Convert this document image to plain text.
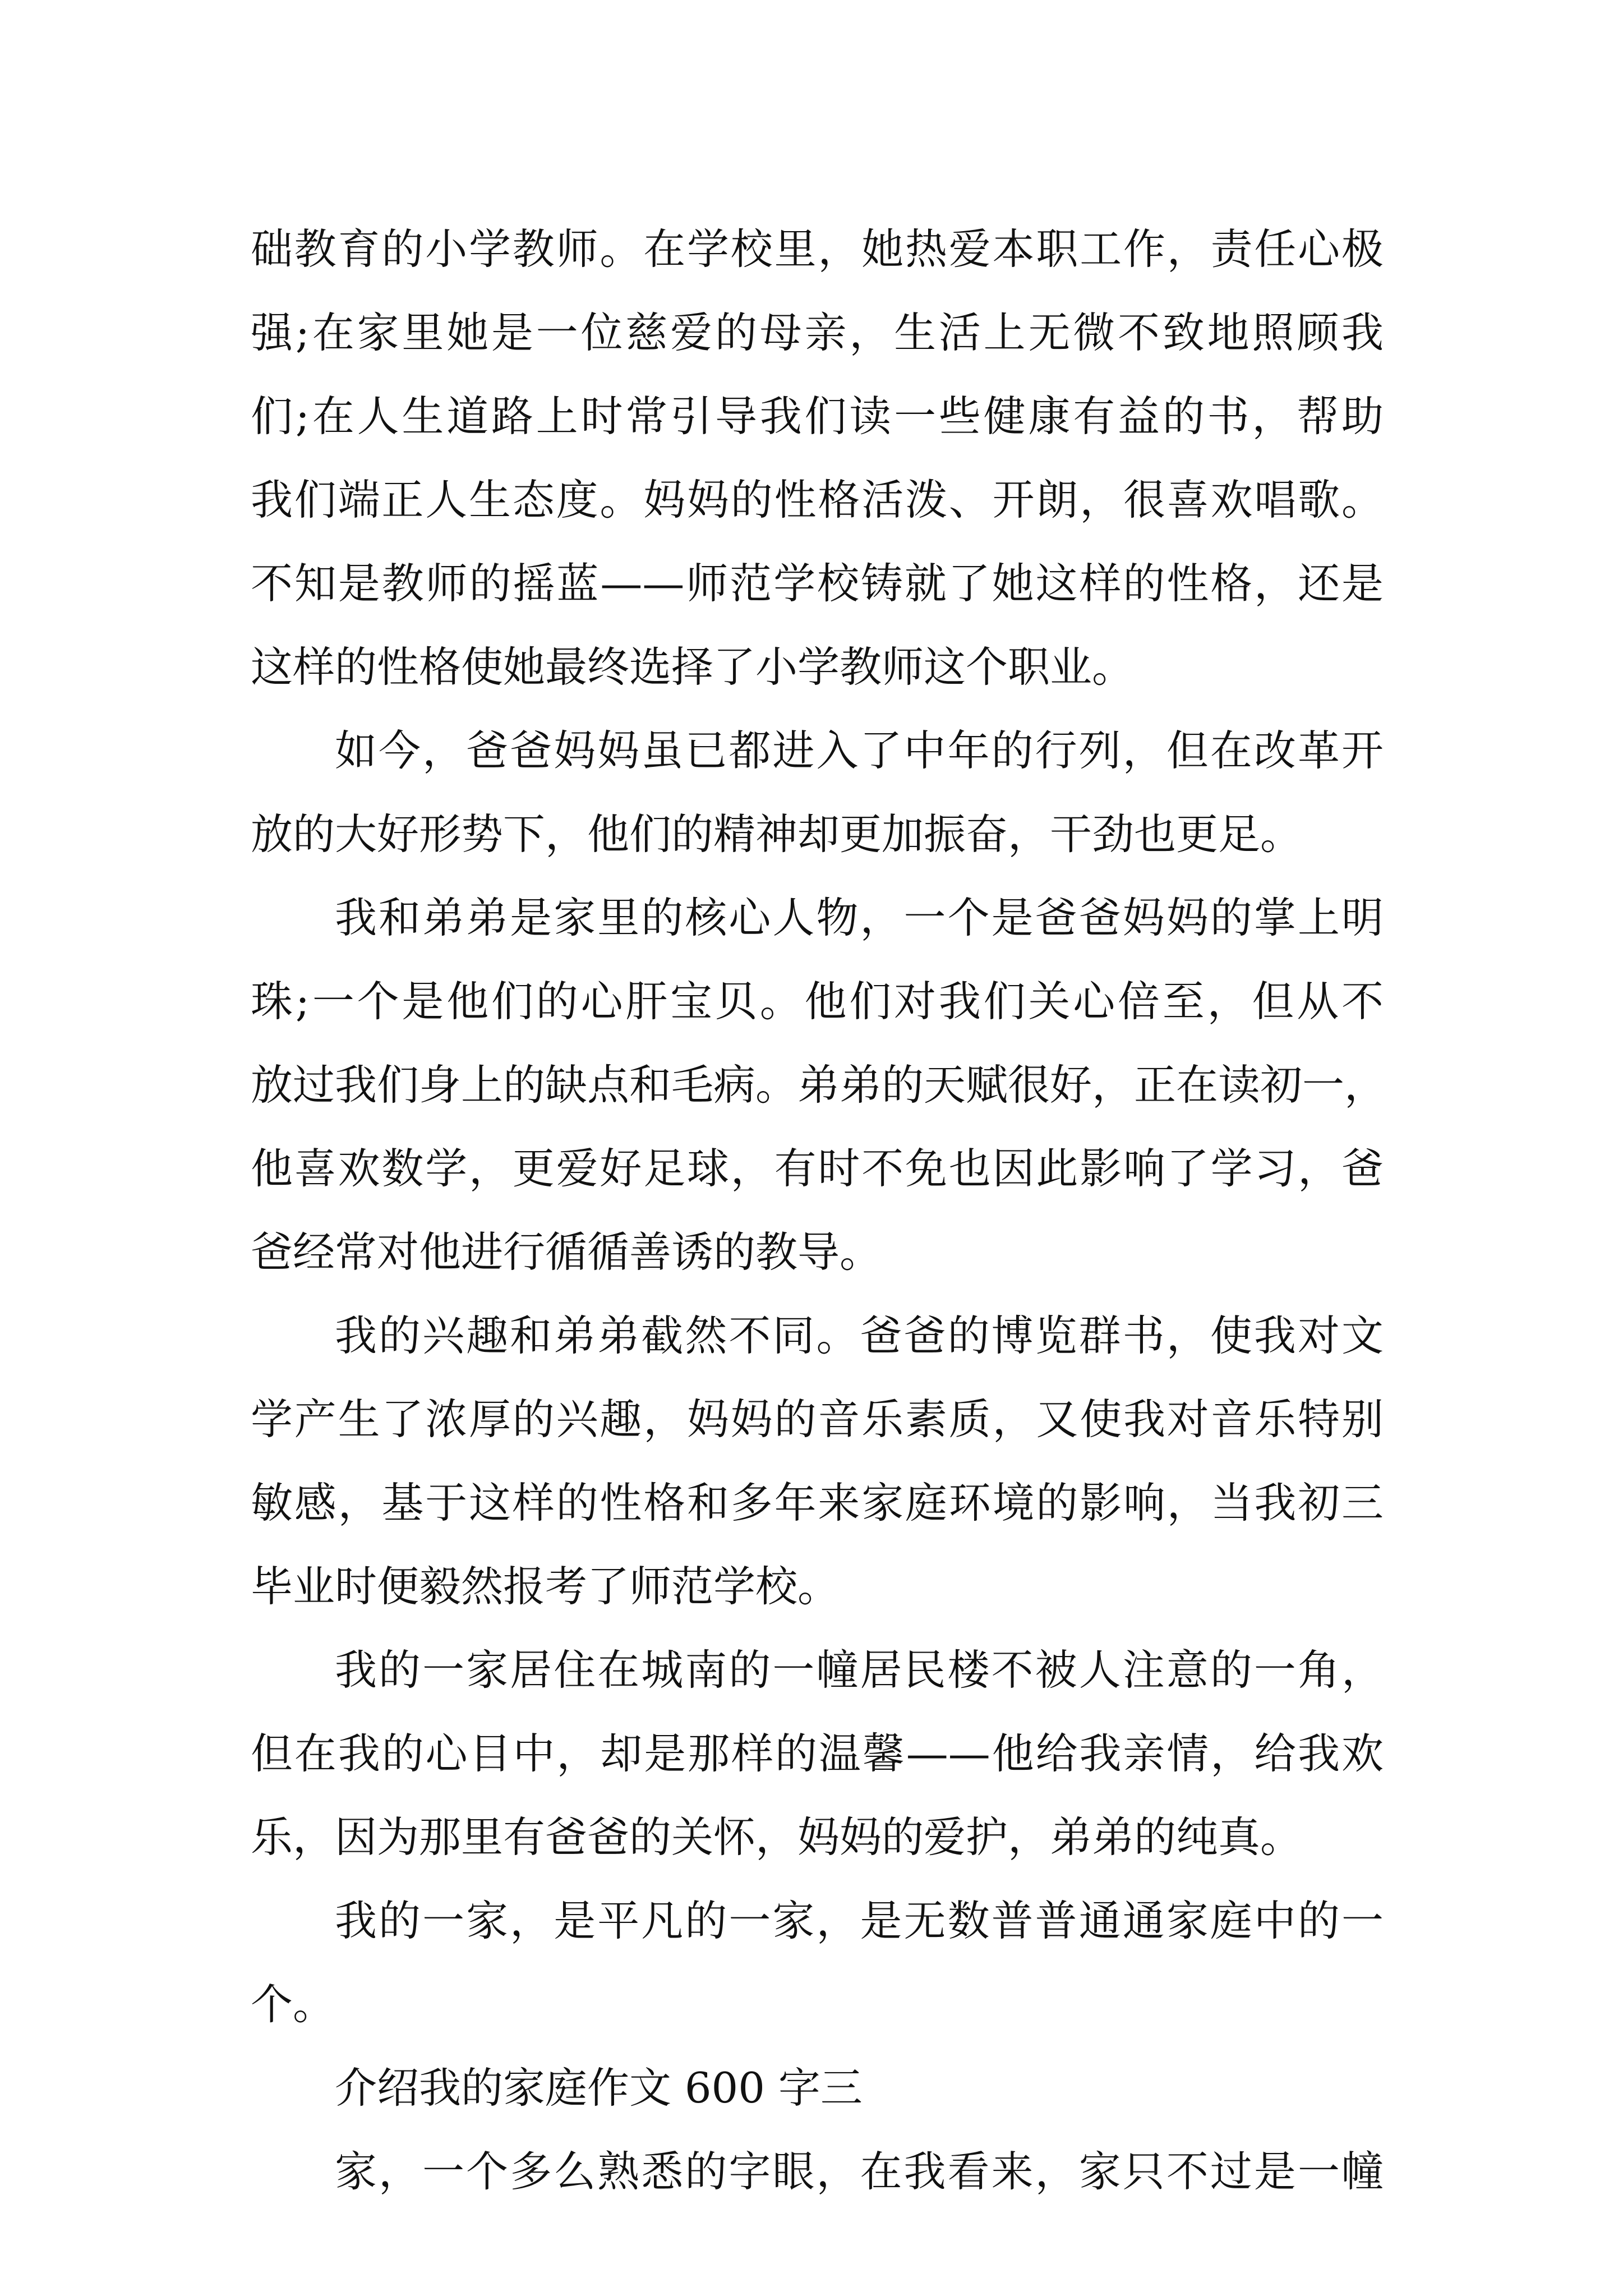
础教育的小学教师。在学校里，她热爱本职工作，责任心极
强;在家里她是一位慈爱的母亲，生活上无微不致地照顾我
们;在人生道路上时常引导我们读一些健康有益的书，帮助
我们端正人生态度。妈妈的性格活泼、开朗，很喜欢唱歌。
不知是教师的摇蓝——师范学校铸就了她这样的性格，还是
这样的性格使她最终选择了小学教师这个职业。
如今，爸爸妈妈虽已都进入了中年的行列，但在改革开
放的大好形势下，他们的精神却更加振奋，干劲也更足。
我和弟弟是家里的核心人物，一个是爸爸妈妈的掌上明
珠;一个是他们的心肝宝贝。他们对我们关心倍至，但从不
放过我们身上的缺点和毛病。弟弟的天赋很好，正在读初一，
他喜欢数学，更爱好足球，有时不免也因此影响了学习，爸
爸经常对他进行循循善诱的教导。
我的兴趣和弟弟截然不同。爸爸的博览群书，使我对文
学产生了浓厚的兴趣，妈妈的音乐素质，又使我对音乐特别
敏感，基于这样的性格和多年来家庭环境的影响，当我初三
毕业时便毅然报考了师范学校。
我的一家居住在城南的一幢居民楼不被人注意的一角，
但在我的心目中，却是那样的温馨——他给我亲情，给我欢
乐，因为那里有爸爸的关怀，妈妈的爱护，弟弟的纯真。
我的一家，是平凡的一家，是无数普普通通家庭中的一
个。
介绍我的家庭作文 600 字三
家，一个多么熟悉的字眼，在我看来，家只不过是一幢
